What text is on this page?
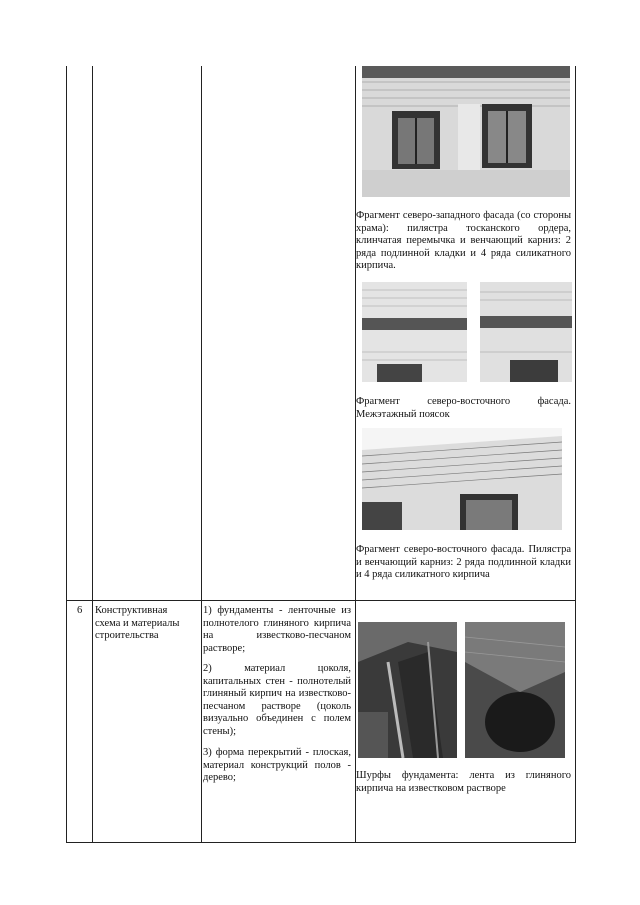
Фрагмент северо-западного фасада (со стороны храма): пилястра тосканского ордера, клинчатая перемычка и венчающий карниз: 2 ряда подлинной кладки и 4 ряда силикатного кирпича.
Фрагмент северо-восточного фасада. Межэтажный поясок
Фрагмент северо-восточного фасада. Пилястра и венчающий карниз: 2 ряда подлинной кладки и 4 ряда силикатного кирпича
6	Конструктивная схема и материалы строительства
1) фундаменты - ленточные из полнотелого глиняного кирпича на известково-песчаном растворе;
2) материал цоколя, капитальных стен - полнотелый глиняный кирпич на известково-песчаном растворе (цоколь визуально объединен с полем стены);
3) форма перекрытий - плоская, материал конструкций полов - дерево;	Шурфы фундамента: лента из глиняного кирпича на известковом растворе
